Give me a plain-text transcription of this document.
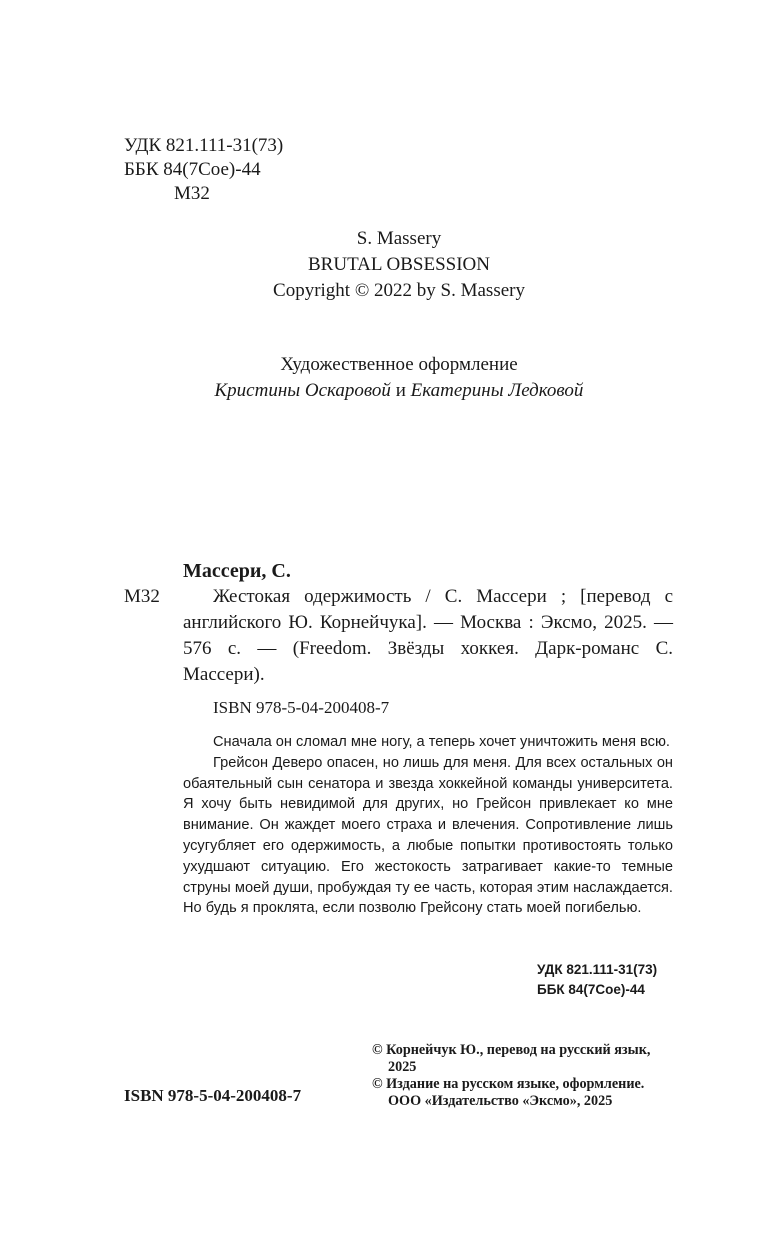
УДК 821.111-31(73)
ББК 84(7Сое)-44
М32
S. Massery
BRUTAL OBSESSION
Copyright © 2022 by S. Massery
Художественное оформление
Кристины Оскаровой и Екатерины Ледковой
Массери, С.
М32	Жестокая одержимость / С. Массери ; [перевод с английского Ю. Корнейчука]. — Москва : Эксмо, 2025. — 576 с. — (Freedom. Звёзды хоккея. Дарк-романс С. Массери).
ISBN 978-5-04-200408-7

Сначала он сломал мне ногу, а теперь хочет уничтожить меня всю.

Грейсон Деверо опасен, но лишь для меня. Для всех остальных он обаятельный сын сенатора и звезда хоккейной команды университета. Я хочу быть невидимой для других, но Грейсон привлекает ко мне внимание. Он жаждет моего страха и влечения. Сопротивление лишь усугубляет его одержимость, а любые попытки противостоять только ухудшают ситуацию. Его жестокость затрагивает какие-то темные струны моей души, пробуждая ту ее часть, которая этим наслаждается. Но будь я проклята, если позволю Грейсону стать моей погибелью.

УДК 821.111-31(73)
ББК 84(7Сое)-44
© Корнейчук Ю., перевод на русский язык, 2025
© Издание на русском языке, оформление. ООО «Издательство «Эксмо», 2025
ISBN 978-5-04-200408-7
